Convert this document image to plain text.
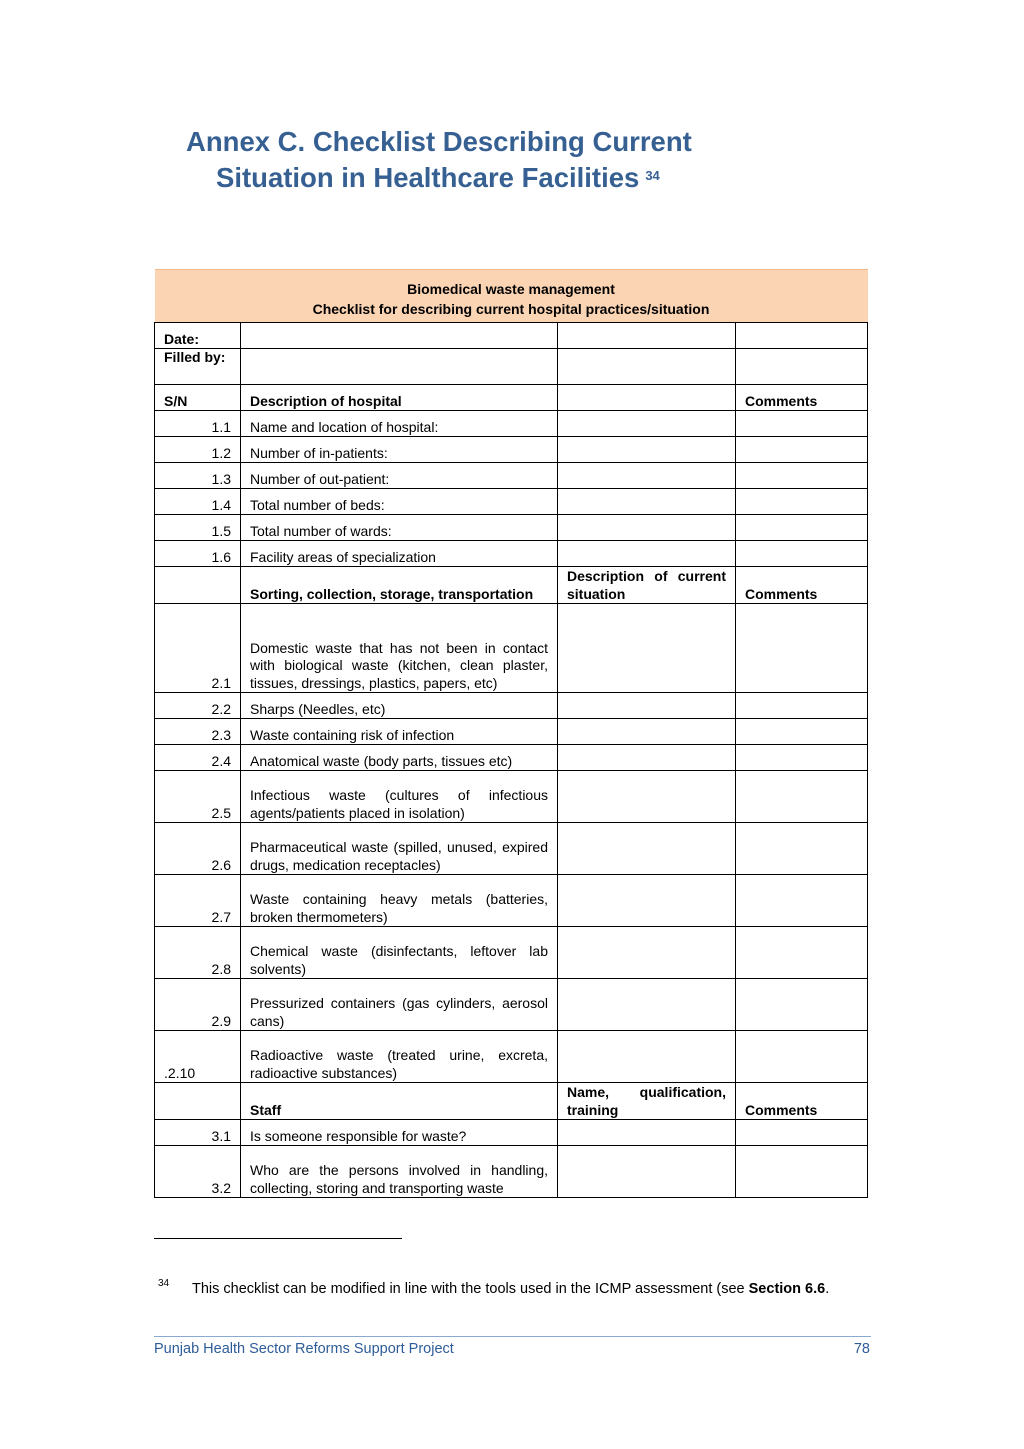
Annex C. Checklist Describing Current
Situation in Healthcare Facilities $^{34}$
Biomedical waste management			
Checklist for describing current hospital practices/situation			
Date:			
Filled by:			
S/N	Description of hospital		Comments
1.1	Name and location of hospital:		
1.2	Number of in-patients:		
1.3	Number of out-patient:		
1.4	Total number of beds:		
1.5	Total number of wards:		
1.6	Facility areas of specialization		
	Sorting, collection, storage, transportation	Description of current situation	Comments
2.1	Domestic waste that has not been in contact with biological waste (kitchen, clean plaster, tissues, dressings, plastics, papers, etc)		
2.2	Sharps (Needles, etc)		
2.3	Waste containing risk of infection		
2.4	Anatomical waste (body parts, tissues etc)		
2.5	Infectious waste (cultures of infectious agents/patients placed in isolation)		
2.6	Pharmaceutical waste (spilled, unused, expired drugs, medication receptacles)		
2.7	Waste containing heavy metals (batteries, broken thermometers)		
2.8	Chemical waste (disinfectants, leftover lab solvents)		
2.9	Pressurized containers (gas cylinders, aerosol cans)		
.2.10	Radioactive waste (treated urine, excreta, radioactive substances)		
	Staff	Name, qualification, training	Comments
3.1	Is someone responsible for waste?		
3.2	Who are the persons involved in handling, collecting, storing and transporting waste		
34 This checklist can be modified in line with the tools used in the ICMP assessment (see Section 6.6.
Punjab Health Sector Reforms Support Project	78
